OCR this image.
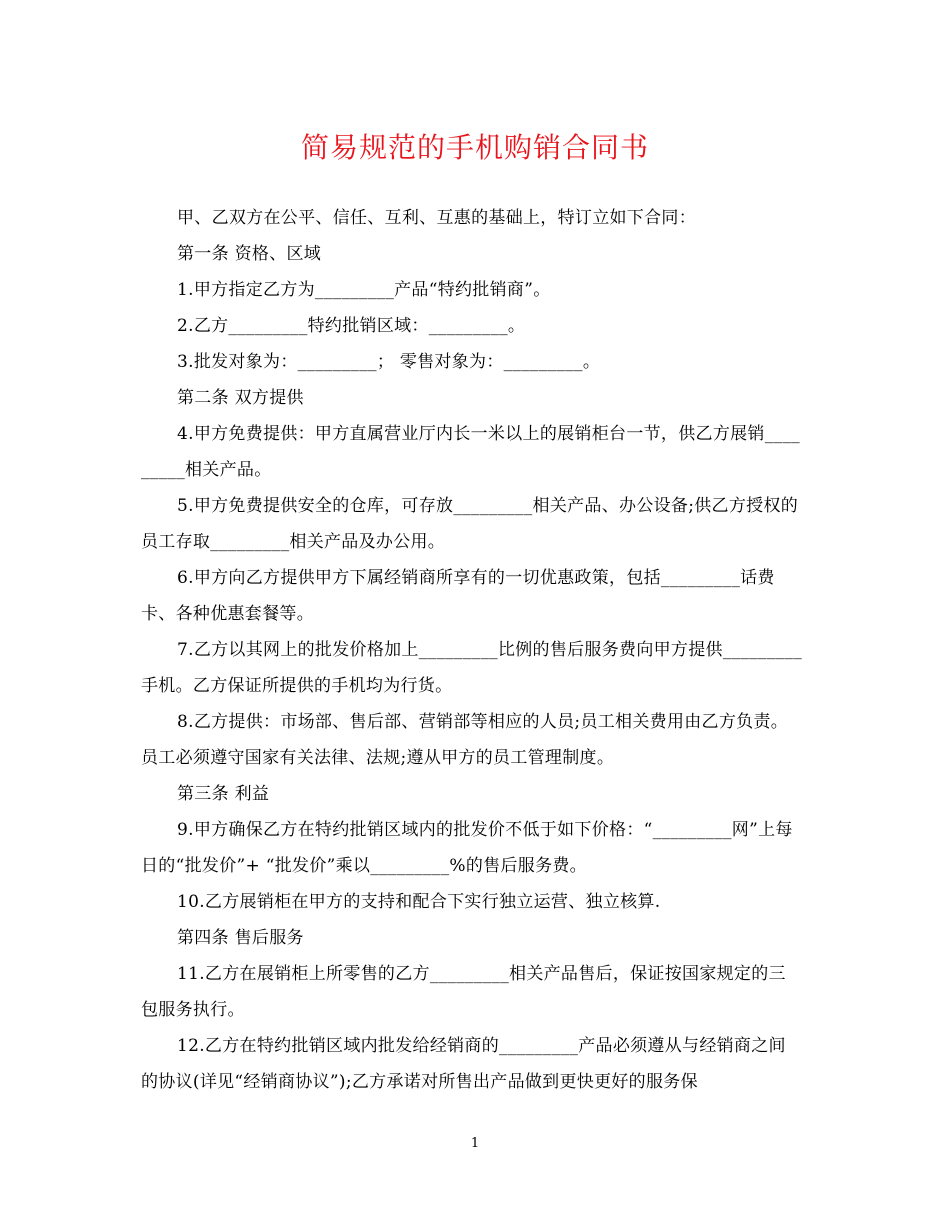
简易规范的手机购销合同书

甲、乙双方在公平、信任、互利、互惠的基础上，特订立如下合同：

第一条 资格、区域

1.甲方指定乙方为_________产品“特约批销商”。

2.乙方_________特约批销区域：_________。

3.批发对象为：_________； 零售对象为：_________。

第二条 双方提供

4.甲方免费提供：甲方直属营业厅内长一米以上的展销柜台一节，供乙方展销_________相关产品。

5.甲方免费提供安全的仓库，可存放_________相关产品、办公设备;供乙方授权的员工存取_________相关产品及办公用。

6.甲方向乙方提供甲方下属经销商所享有的一切优惠政策，包括_________话费卡、各种优惠套餐等。

7.乙方以其网上的批发价格加上_________比例的售后服务费向甲方提供_________手机。乙方保证所提供的手机均为行货。

8.乙方提供：市场部、售后部、营销部等相应的人员;员工相关费用由乙方负责。员工必须遵守国家有关法律、法规;遵从甲方的员工管理制度。

第三条 利益

9.甲方确保乙方在特约批销区域内的批发价不低于如下价格：“_________网”上每日的“批发价”+ “批发价”乘以_________%的售后服务费。

10.乙方展销柜在甲方的支持和配合下实行独立运营、独立核算.

第四条 售后服务

11.乙方在展销柜上所零售的乙方_________相关产品售后，保证按国家规定的三包服务执行。

12.乙方在特约批销区域内批发给经销商的_________产品必须遵从与经销商之间的协议(详见“经销商协议”);乙方承诺对所售出产品做到更快更好的服务保

1
